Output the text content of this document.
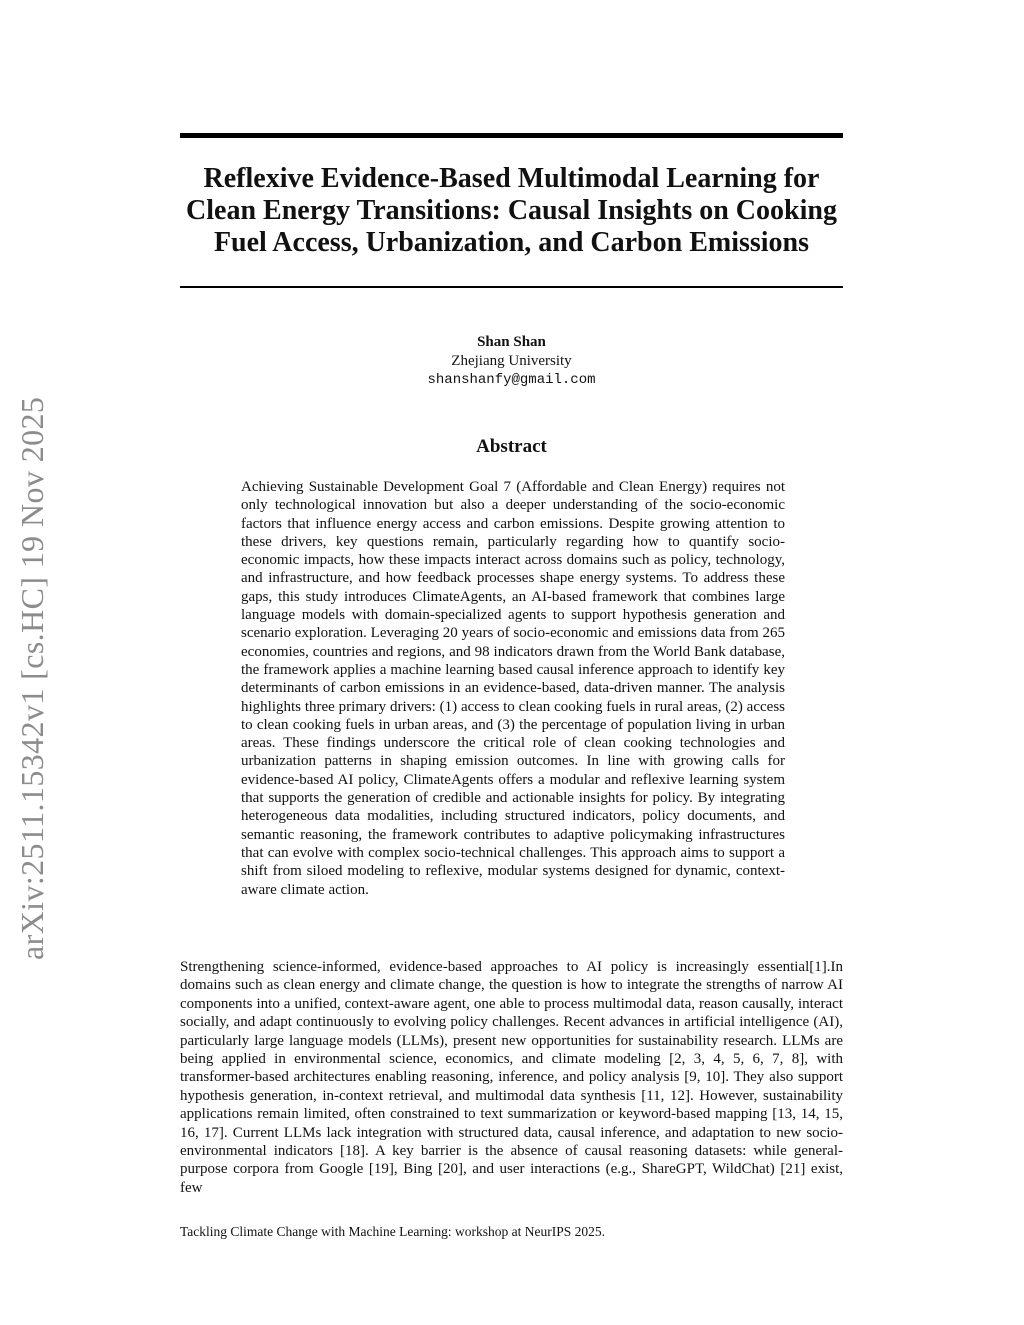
arXiv:2511.15342v1 [cs.HC] 19 Nov 2025
Reflexive Evidence-Based Multimodal Learning for
Clean Energy Transitions: Causal Insights on Cooking
Fuel Access, Urbanization, and Carbon Emissions
Shan Shan
Zhejiang University
shanshanfy@gmail.com
Abstract

Achieving Sustainable Development Goal 7 (Affordable and Clean Energy) requires not only technological innovation but also a deeper understanding of the socio-economic factors that influence energy access and carbon emissions. Despite growing attention to these drivers, key questions remain, particularly regarding how to quantify socio-economic impacts, how these impacts interact across domains such as policy, technology, and infrastructure, and how feedback processes shape energy systems. To address these gaps, this study introduces ClimateAgents, an AI-based framework that combines large language models with domain-specialized agents to support hypothesis generation and scenario exploration. Leveraging 20 years of socio-economic and emissions data from 265 economies, countries and regions, and 98 indicators drawn from the World Bank database, the framework applies a machine learning based causal inference approach to identify key determinants of carbon emissions in an evidence-based, data-driven manner. The analysis highlights three primary drivers: (1) access to clean cooking fuels in rural areas, (2) access to clean cooking fuels in urban areas, and (3) the percentage of population living in urban areas. These findings underscore the critical role of clean cooking technologies and urbanization patterns in shaping emission outcomes. In line with growing calls for evidence-based AI policy, ClimateAgents offers a modular and reflexive learning system that supports the generation of credible and actionable insights for policy. By integrating heterogeneous data modalities, including structured indicators, policy documents, and semantic reasoning, the framework contributes to adaptive policymaking infrastructures that can evolve with complex socio-technical challenges. This approach aims to support a shift from siloed modeling to reflexive, modular systems designed for dynamic, context-aware climate action.

Strengthening science-informed, evidence-based approaches to AI policy is increasingly essential[1].In domains such as clean energy and climate change, the question is how to integrate the strengths of narrow AI components into a unified, context-aware agent, one able to process multimodal data, reason causally, interact socially, and adapt continuously to evolving policy challenges. Recent advances in artificial intelligence (AI), particularly large language models (LLMs), present new opportunities for sustainability research. LLMs are being applied in environmental science, economics, and climate modeling [2, 3, 4, 5, 6, 7, 8], with transformer-based architectures enabling reasoning, inference, and policy analysis [9, 10]. They also support hypothesis generation, in-context retrieval, and multimodal data synthesis [11, 12]. However, sustainability applications remain limited, often constrained to text summarization or keyword-based mapping [13, 14, 15, 16, 17]. Current LLMs lack integration with structured data, causal inference, and adaptation to new socio-environmental indicators [18]. A key barrier is the absence of causal reasoning datasets: while general-purpose corpora from Google [19], Bing [20], and user interactions (e.g., ShareGPT, WildChat) [21] exist, few

Tackling Climate Change with Machine Learning: workshop at NeurIPS 2025.
